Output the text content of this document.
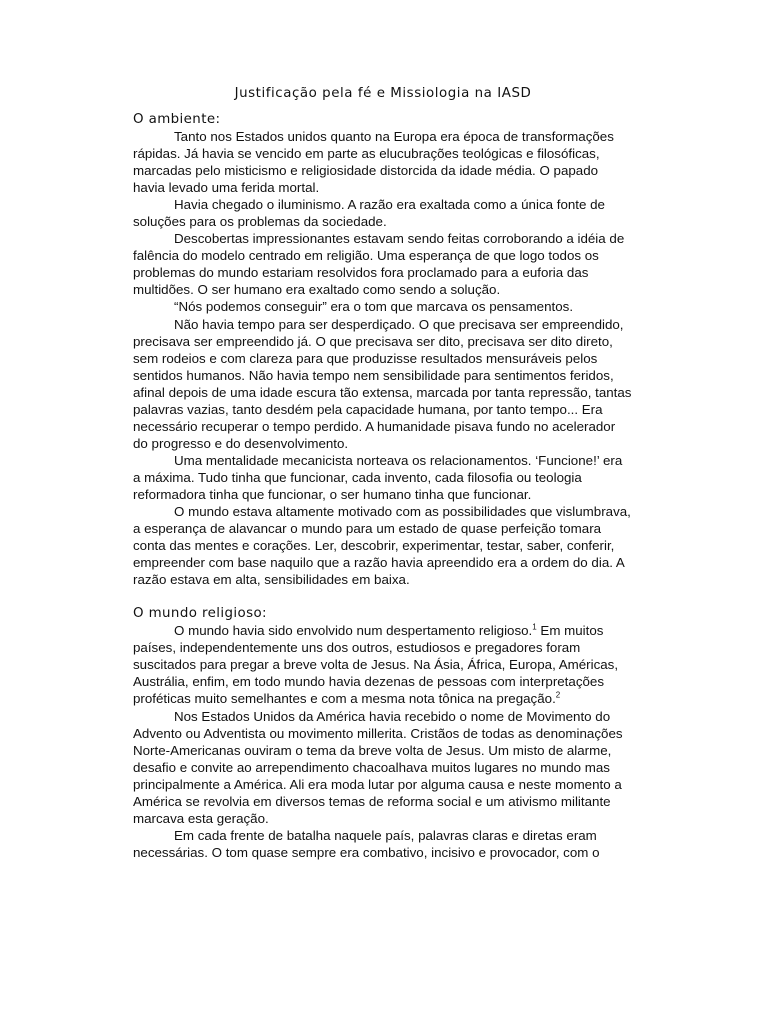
Justificação pela fé e Missiologia na IASD
O ambiente:

Tanto nos Estados unidos quanto na Europa era época de transformações rápidas. Já havia se vencido em parte as elucubrações teológicas e filosóficas, marcadas pelo misticismo e religiosidade distorcida da idade média. O papado havia levado uma ferida mortal.

Havia chegado o iluminismo. A razão era exaltada como a única fonte de soluções para os problemas da sociedade.

Descobertas impressionantes estavam sendo feitas corroborando a idéia de falência do modelo centrado em religião. Uma esperança de que logo todos os problemas do mundo estariam resolvidos fora proclamado para a euforia das multidões. O ser humano era exaltado como sendo a solução.

“Nós podemos conseguir” era o tom que marcava os pensamentos.

Não havia tempo para ser desperdiçado. O que precisava ser empreendido, precisava ser empreendido já. O que precisava ser dito, precisava ser dito direto, sem rodeios e com clareza para que produzisse resultados mensuráveis pelos sentidos humanos. Não havia tempo nem sensibilidade para sentimentos feridos, afinal depois de uma idade escura tão extensa, marcada por tanta repressão, tantas palavras vazias, tanto desdém pela capacidade humana, por tanto tempo... Era necessário recuperar o tempo perdido. A humanidade pisava fundo no acelerador do progresso e do desenvolvimento.

Uma mentalidade mecanicista norteava os relacionamentos. ‘Funcione!’ era a máxima. Tudo tinha que funcionar, cada invento, cada filosofia ou teologia reformadora tinha que funcionar, o ser humano tinha que funcionar.

O mundo estava altamente motivado com as possibilidades que vislumbrava, a esperança de alavancar o mundo para um estado de quase perfeição tomara conta das mentes e corações. Ler, descobrir, experimentar, testar, saber, conferir, empreender com base naquilo que a razão havia apreendido era a ordem do dia. A razão estava em alta, sensibilidades em baixa.

O mundo religioso:

O mundo havia sido envolvido num despertamento religioso.$^1$ Em muitos países, independentemente uns dos outros, estudiosos e pregadores foram suscitados para pregar a breve volta de Jesus. Na Ásia, África, Europa, Américas, Austrália, enfim, em todo mundo havia dezenas de pessoas com interpretações proféticas muito semelhantes e com a mesma nota tônica na pregação.$^2$

Nos Estados Unidos da América havia recebido o nome de Movimento do Advento ou Adventista ou movimento millerita. Cristãos de todas as denominações Norte-Americanas ouviram o tema da breve volta de Jesus. Um misto de alarme, desafio e convite ao arrependimento chacoalhava muitos lugares no mundo mas principalmente a América. Ali era moda lutar por alguma causa e neste momento a América se revolvia em diversos temas de reforma social e um ativismo militante marcava esta geração.

Em cada frente de batalha naquele país, palavras claras e diretas eram necessárias. O tom quase sempre era combativo, incisivo e provocador, com o
